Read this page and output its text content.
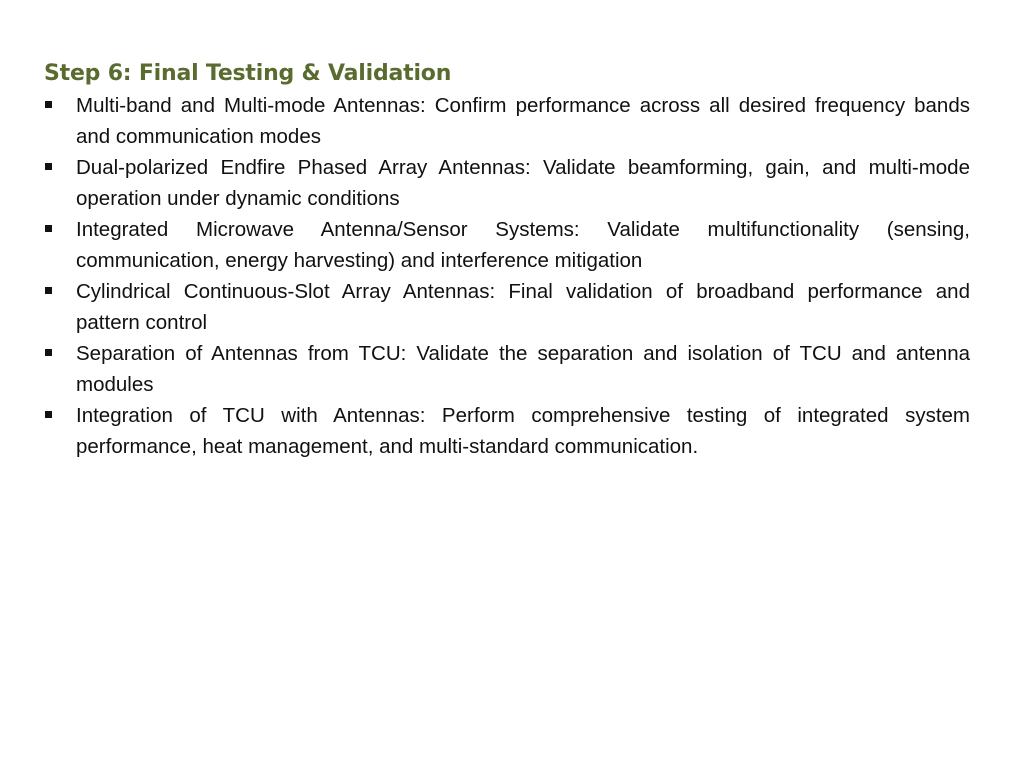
Step 6: Final Testing & Validation
Multi-band and Multi-mode Antennas: Confirm performance across all desired frequency bands and communication modes
Dual-polarized Endfire Phased Array Antennas: Validate beamforming, gain, and multi-mode operation under dynamic conditions
Integrated Microwave Antenna/Sensor Systems: Validate multifunctionality (sensing, communication, energy harvesting) and interference mitigation
Cylindrical Continuous-Slot Array Antennas: Final validation of broadband performance and pattern control
Separation of Antennas from TCU: Validate the separation and isolation of TCU and antenna modules
Integration of TCU with Antennas: Perform comprehensive testing of integrated system performance, heat management, and multi-standard communication.
